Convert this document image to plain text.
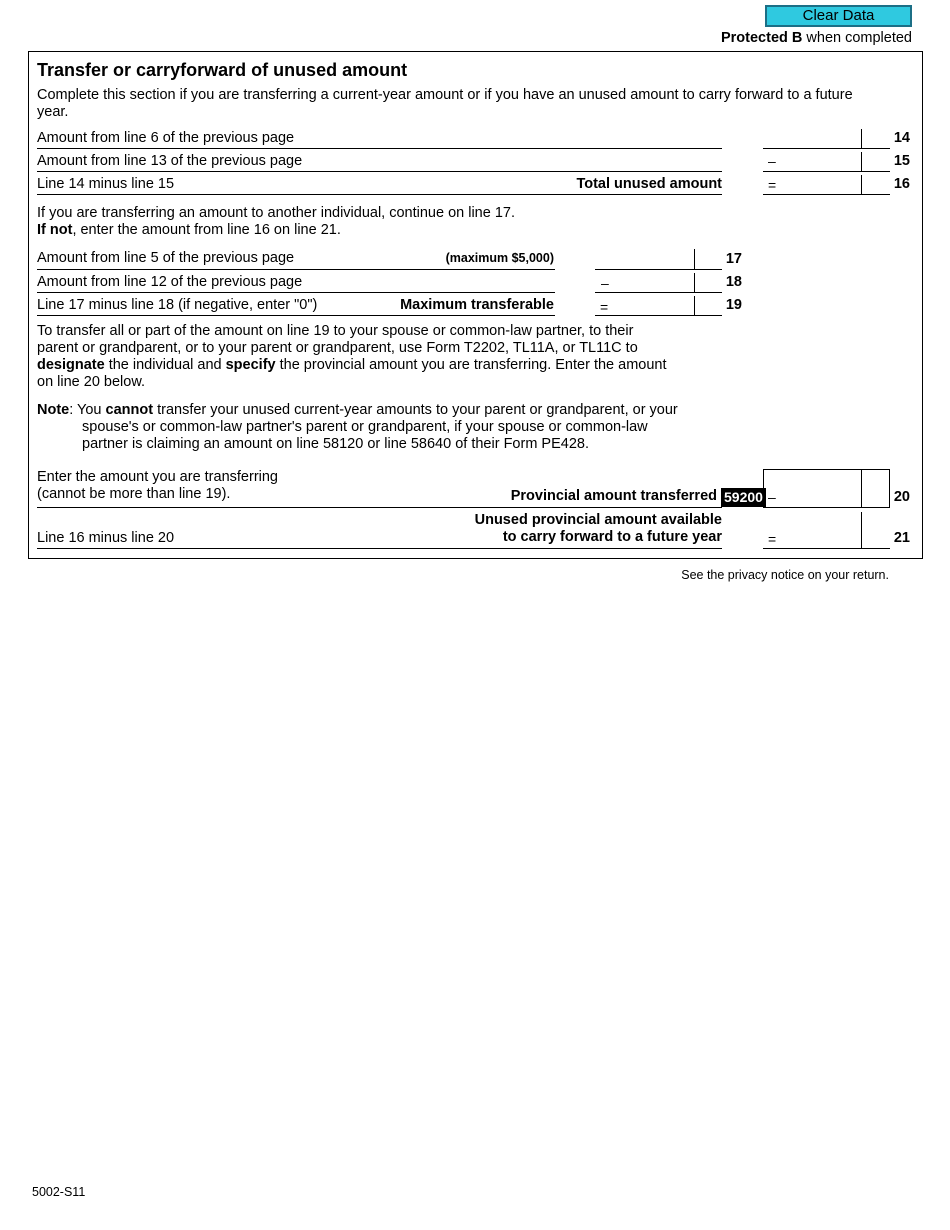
Clear Data
Protected B when completed
Transfer or carryforward of unused amount
Complete this section if you are transferring a current-year amount or if you have an unused amount to carry forward to a future year.
Amount from line 6 of the previous page	14
Amount from line 13 of the previous page	–	15
Line 14 minus line 15	Total unused amount	=	16
If you are transferring an amount to another individual, continue on line 17.
If not, enter the amount from line 16 on line 21.
Amount from line 5 of the previous page	(maximum $5,000)	17
Amount from line 12 of the previous page	–	18
Line 17 minus line 18 (if negative, enter "0")	Maximum transferable	=	19
To transfer all or part of the amount on line 19 to your spouse or common-law partner, to their
parent or grandparent, or to your parent or grandparent, use Form T2202, TL11A, or TL11C to
designate the individual and specify the provincial amount you are transferring. Enter the amount
on line 20 below.
Note: You cannot transfer your unused current-year amounts to your parent or grandparent, or your
spouse's or common-law partner's parent or grandparent, if your spouse or common-law
partner is claiming an amount on line 58120 or line 58640 of their Form PE428.
Enter the amount you are transferring
(cannot be more than line 19).	Provincial amount transferred 59200 –	20
Line 16 minus line 20
Unused provincial amount available
to carry forward to a future year	=	21
See the privacy notice on your return.
5002-S11
